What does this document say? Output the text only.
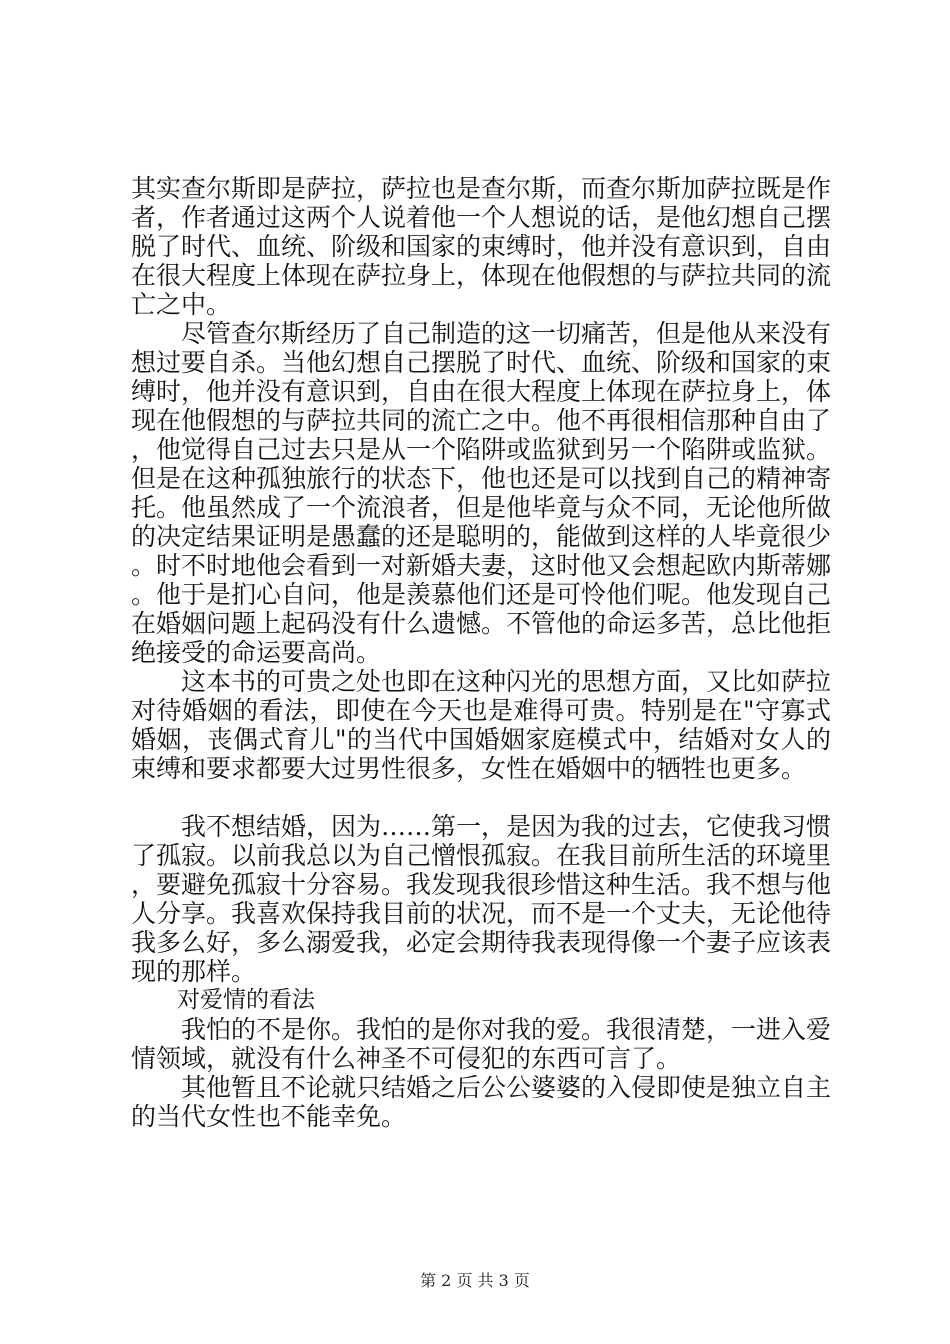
其实查尔斯即是萨拉，萨拉也是查尔斯，而查尔斯加萨拉既是作者，作者通过这两个人说着他一个人想说的话，是他幻想自己摆脱了时代、血统、阶级和国家的束缚时，他并没有意识到，自由在很大程度上体现在萨拉身上，体现在他假想的与萨拉共同的流亡之中。

尽管查尔斯经历了自己制造的这一切痛苦，但是他从来没有想过要自杀。当他幻想自己摆脱了时代、血统、阶级和国家的束缚时，他并没有意识到，自由在很大程度上体现在萨拉身上，体现在他假想的与萨拉共同的流亡之中。他不再很相信那种自由了，他觉得自己过去只是从一个陷阱或监狱到另一个陷阱或监狱。但是在这种孤独旅行的状态下，他也还是可以找到自己的精神寄托。他虽然成了一个流浪者，但是他毕竟与众不同，无论他所做的决定结果证明是愚蠢的还是聪明的，能做到这样的人毕竟很少。时不时地他会看到一对新婚夫妻，这时他又会想起欧内斯蒂娜。他于是扪心自问，他是羡慕他们还是可怜他们呢。他发现自己在婚姻问题上起码没有什么遗憾。不管他的命运多苦，总比他拒绝接受的命运要高尚。

这本书的可贵之处也即在这种闪光的思想方面，又比如萨拉对待婚姻的看法，即使在今天也是难得可贵。特别是在"守寡式婚姻，丧偶式育儿"的当代中国婚姻家庭模式中，结婚对女人的束缚和要求都要大过男性很多，女性在婚姻中的牺牲也更多。

我不想结婚，因为……第一，是因为我的过去，它使我习惯了孤寂。以前我总以为自己憎恨孤寂。在我目前所生活的环境里，要避免孤寂十分容易。我发现我很珍惜这种生活。我不想与他人分享。我喜欢保持我目前的状况，而不是一个丈夫，无论他待我多么好，多么溺爱我，必定会期待我表现得像一个妻子应该表现的那样。

对爱情的看法

我怕的不是你。我怕的是你对我的爱。我很清楚，一进入爱情领域，就没有什么神圣不可侵犯的东西可言了。

其他暂且不论就只结婚之后公公婆婆的入侵即使是独立自主的当代女性也不能幸免。

第 2 页 共 3 页
